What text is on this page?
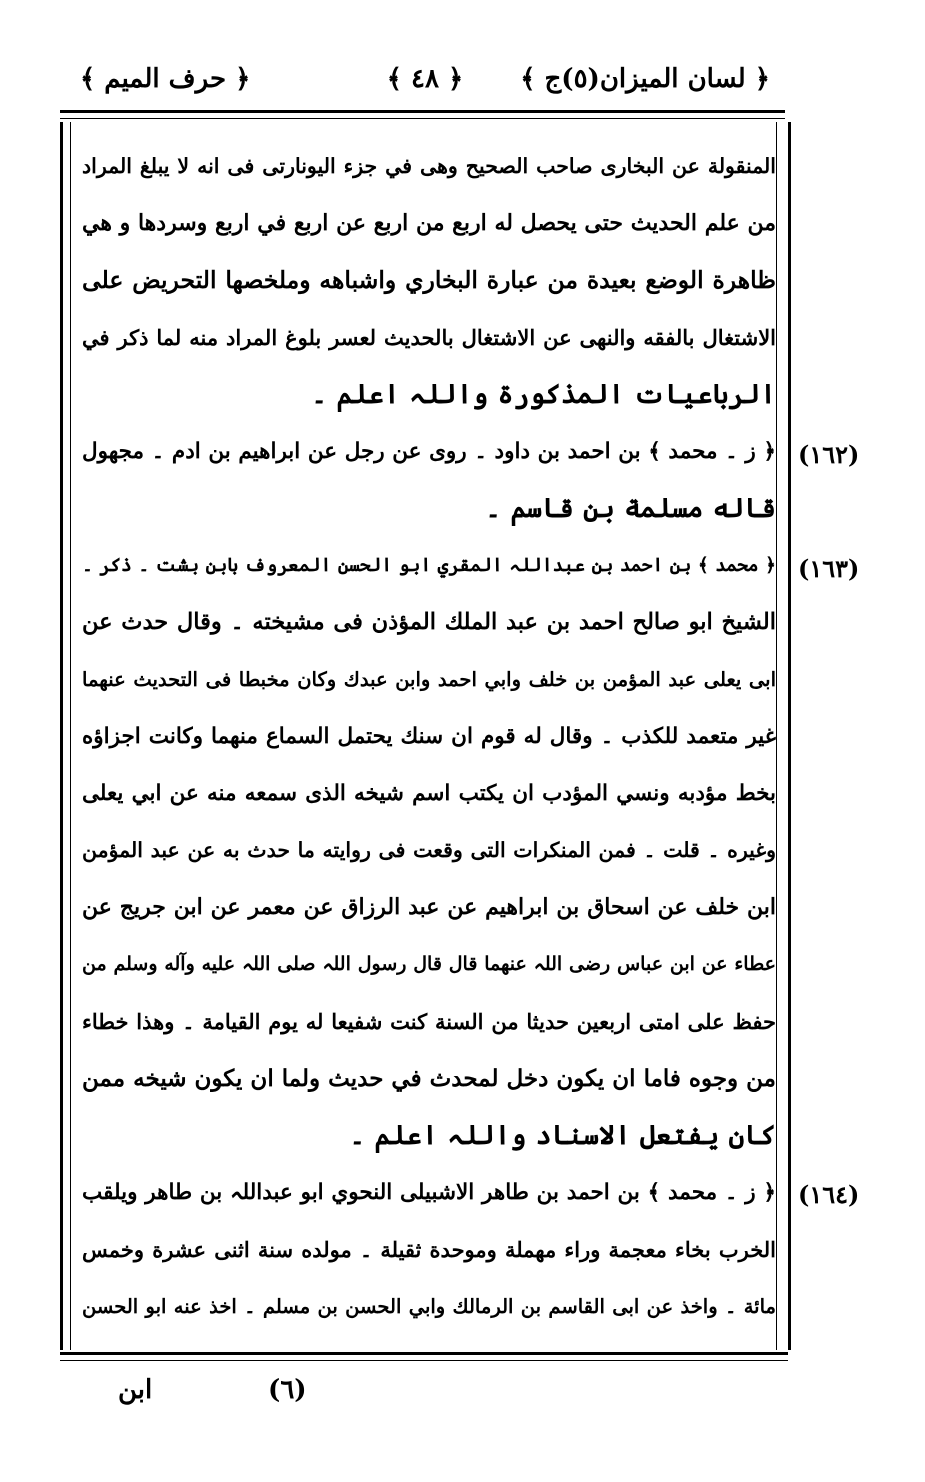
﴿ لسان المیزان(٥)ج ﴾
﴿ ٤٨ ﴾
﴿ حرف المیم ﴾
المنقولة عن البخاری صاحب الصحیح وهی في جزء الیونارتی فی انه لا یبلغ المراد
من علم الحدیث حتی یحصل له اربع من اربع عن اربع في اربع وسردها و هي
ظاهرة الوضع بعیدة من عبارة البخاري واشباهه وملخصها التحریض علی
الاشتغال بالفقه والنهی عن الاشتغال بالحدیث لعسر بلوغ المراد منه لما ذکر في
الرباعیات المذکورة واللہ اعلم ۔
﴿ ز ۔ محمد ﴾ بن احمد بن داود ۔ روی عن رجل عن ابراهیم بن ادم ۔ مجهول
قاله مسلمة بن قاسم ۔
﴿ محمد ﴾ بن احمد بن عبداللہ المقري ابو الحسن المعروف بابن بشت ۔ ذکر ۔
الشیخ ابو صالح احمد بن عبد الملك المؤذن فی مشیخته ۔ وقال حدث عن
ابی یعلی عبد المؤمن بن خلف وابي احمد وابن عبدك وكان مخبطا فی التحدیث عنهما
غیر متعمد للکذب ۔ وقال له قوم ان سنك یحتمل السماع منهما وكانت اجزاؤه
بخط مؤدبه ونسي المؤدب ان یکتب اسم شیخه الذی سمعه منه عن ابي یعلی
وغیره ۔ قلت ۔ فمن المنکرات التی وقعت فی روایته ما حدث به عن عبد المؤمن
ابن خلف عن اسحاق بن ابراهیم عن عبد الرزاق عن معمر عن ابن جریج عن
عطاء عن ابن عباس رضی اللہ عنهما قال قال رسول اللہ صلی اللہ علیه وآله وسلم من
حفظ علی امتی اربعین حدیثا من السنة کنت شفیعا له یوم القیامة ۔ وهذا خطاء
من وجوه فاما ان یکون دخل لمحدث في حدیث ولما ان یکون شیخه ممن
کان یفتعل الاسناد واللہ اعلم ۔
﴿ ز ۔ محمد ﴾ بن احمد بن طاهر الاشبیلی النحوي ابو عبداللہ بن طاهر ویلقب
الخرب بخاء معجمة وراء مهملة وموحدة ثقیلة ۔ مولده سنة اثنی عشرة وخمس
مائة ۔ واخذ عن ابی القاسم بن الرمالك وابي الحسن بن مسلم ۔ اخذ عنه ابو الحسن
(١٦٢)
(١٦٣)
(١٦٤)
(٦)
ابن
